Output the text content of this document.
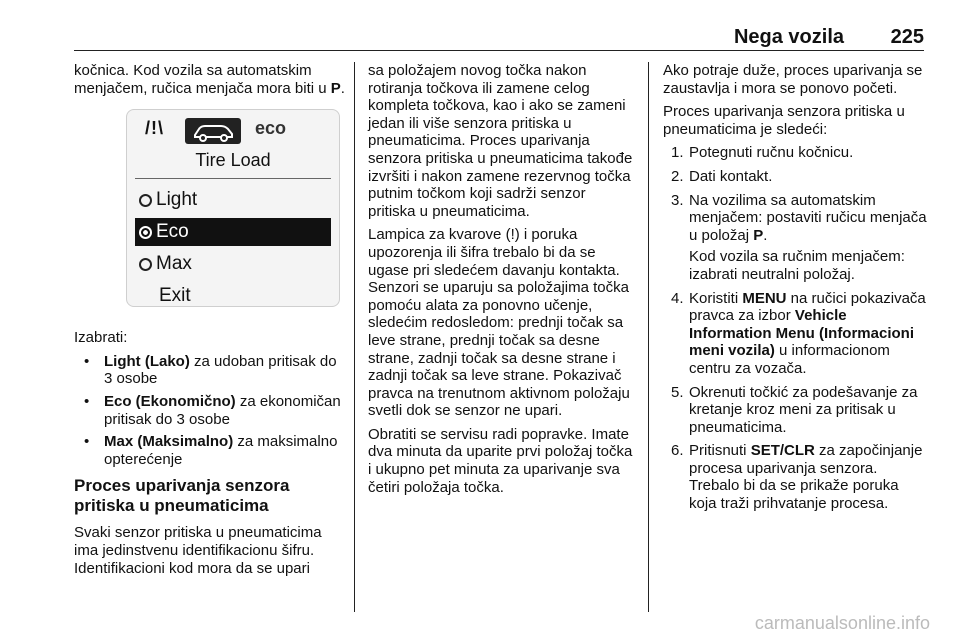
Nega vozila 225

kočnica. Kod vozila sa automatskim menjačem, ručica menjača mora biti u P.

/!\	eco
Tire Load
Light
Eco
Max
Exit

Izabrati:

• Light (Lako) za udoban pritisak do 3 osobe
• Eco (Ekonomično) za ekonomičan pritisak do 3 osobe
• Max (Maksimalno) za maksimalno opterećenje
Proces uparivanja senzora pritiska u pneumaticima

Svaki senzor pritiska u pneumaticima ima jedinstvenu identifikacionu šifru. Identifikacioni kod mora da se upari

sa položajem novog točka nakon rotiranja točkova ili zamene celog kompleta točkova, kao i ako se zameni jedan ili više senzora pritiska u pneumaticima. Proces uparivanja senzora pritiska u pneumaticima takođe izvršiti i nakon zamene rezervnog točka putnim točkom koji sadrži senzor pritiska u pneumaticima.

Lampica za kvarove (!) i poruka upozorenja ili šifra trebalo bi da se ugase pri sledećem davanju kontakta. Senzori se uparuju sa položajima točka pomoću alata za ponovno učenje, sledećim redosledom: prednji točak sa leve strane, prednji točak sa desne strane, zadnji točak sa desne strane i zadnji točak sa leve strane. Pokazivač pravca na trenutnom aktivnom položaju svetli dok se senzor ne upari.

Obratiti se servisu radi popravke. Imate dva minuta da uparite prvi položaj točka i ukupno pet minuta za uparivanje sva četiri položaja točka.

Ako potraje duže, proces uparivanja se zaustavlja i mora se ponovo početi.

Proces uparivanja senzora pritiska u pneumaticima je sledeći:

1. Potegnuti ručnu kočnicu.
2. Dati kontakt.
3. Na vozilima sa automatskim menjačem: postaviti ručicu menjača u položaj P.
Kod vozila sa ručnim menjačem: izabrati neutralni položaj.
4. Koristiti MENU na ručici pokazivača pravca za izbor Vehicle Information Menu (Informacioni meni vozila) u informacionom centru za vozača.
5. Okrenuti točkić za podešavanje za kretanje kroz meni za pritisak u pneumaticima.
6. Pritisnuti SET/CLR za započinjanje procesa uparivanja senzora. Trebalo bi da se prikaže poruka koja traži prihvatanje procesa.
carmanualsonline.info
